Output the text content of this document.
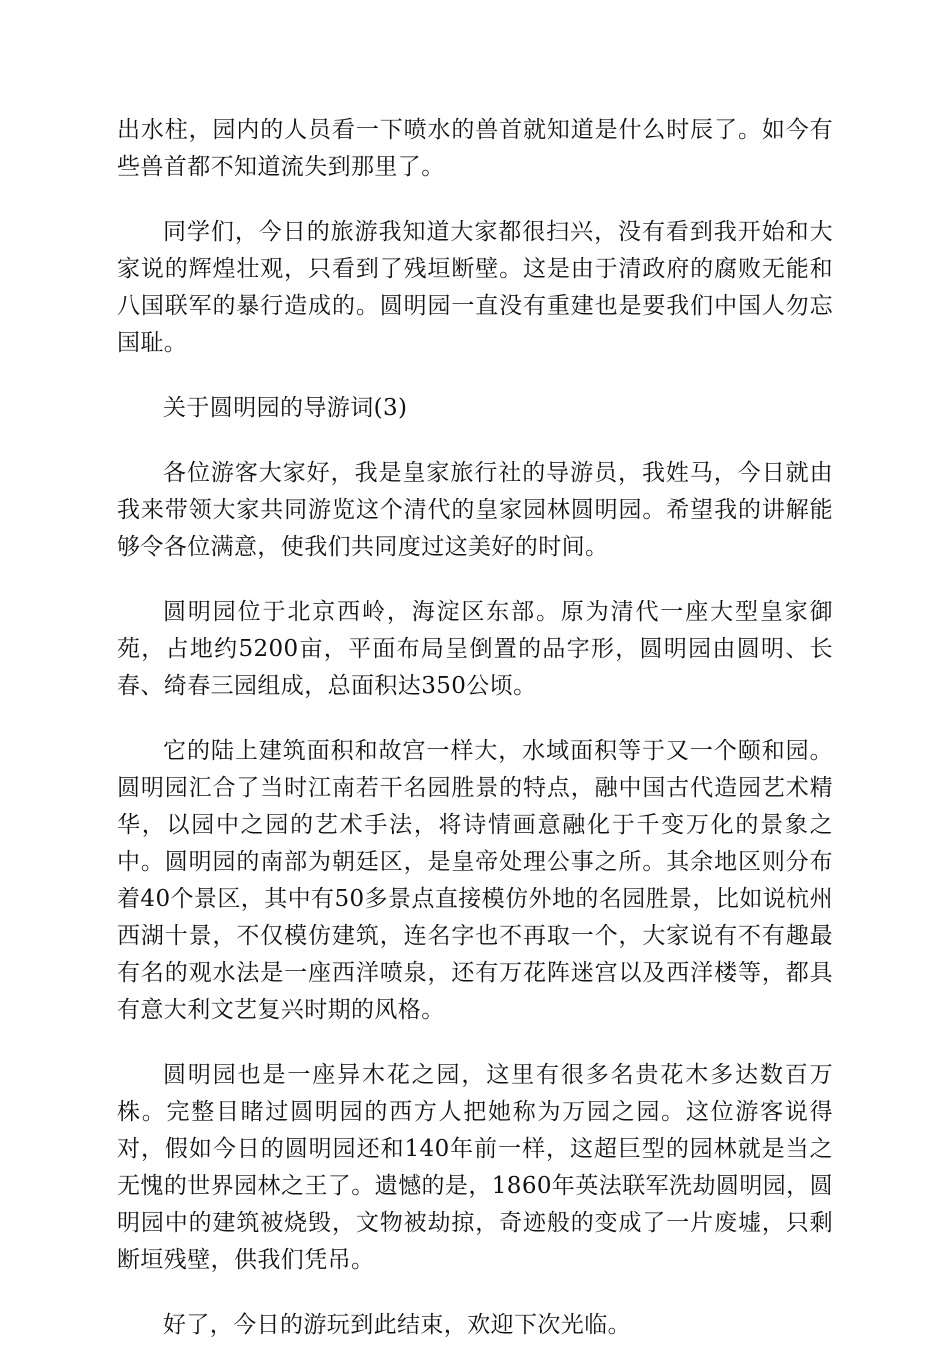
出水柱，园内的人员看一下喷水的兽首就知道是什么时辰了。如今有些兽首都不知道流失到那里了。

同学们，今日的旅游我知道大家都很扫兴，没有看到我开始和大家说的辉煌壮观，只看到了残垣断壁。这是由于清政府的腐败无能和八国联军的暴行造成的。圆明园一直没有重建也是要我们中国人勿忘国耻。

关于圆明园的导游词(3)

各位游客大家好，我是皇家旅行社的导游员，我姓马，今日就由我来带领大家共同游览这个清代的皇家园林圆明园。希望我的讲解能够令各位满意，使我们共同度过这美好的时间。

圆明园位于北京西岭，海淀区东部。原为清代一座大型皇家御苑，占地约5200亩，平面布局呈倒置的品字形，圆明园由圆明、长春、绮春三园组成，总面积达350公顷。

它的陆上建筑面积和故宫一样大，水域面积等于又一个颐和园。圆明园汇合了当时江南若干名园胜景的特点，融中国古代造园艺术精华，以园中之园的艺术手法，将诗情画意融化于千变万化的景象之中。圆明园的南部为朝廷区，是皇帝处理公事之所。其余地区则分布着40个景区，其中有50多景点直接模仿外地的名园胜景，比如说杭州西湖十景，不仅模仿建筑，连名字也不再取一个，大家说有不有趣最有名的观水法是一座西洋喷泉，还有万花阵迷宫以及西洋楼等，都具有意大利文艺复兴时期的风格。

圆明园也是一座异木花之园，这里有很多名贵花木多达数百万株。完整目睹过圆明园的西方人把她称为万园之园。这位游客说得对，假如今日的圆明园还和140年前一样，这超巨型的园林就是当之无愧的世界园林之王了。遗憾的是，1860年英法联军洗劫圆明园，圆明园中的建筑被烧毁，文物被劫掠，奇迹般的变成了一片废墟，只剩断垣残壁，供我们凭吊。

好了，今日的游玩到此结束，欢迎下次光临。
